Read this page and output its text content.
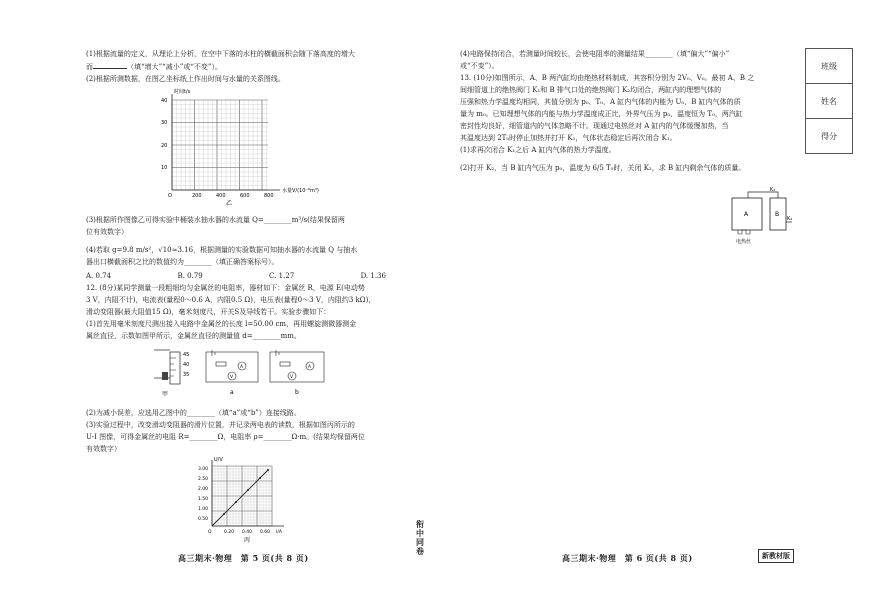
(1)根据流量的定义，从理论上分析，在空中下落的水柱的横截面积会随下落高度的增大

而	（填“增大”“减小”或“不变”）。

(2)根据所测数据，在图乙坐标纸上作出时间与水量的关系图线。

时间t/s
40
30
20
10
O	200	400	600	800
水量V/(10⁻⁶m³)
乙

(3)根据所作图像乙可得实验中桶装水抽水器的水流量 Q=________m³/s(结果保留两

位有效数字）

(4)若取 g=9.8 m/s²，√10≈3.16，根据测量的实验数据可知抽水器的水流量 Q 与抽水

器出口横截面积之比的数值约为________（填正确答案标号）。

A. 0.74	B. 0.79	C. 1.27	D. 1.36

12. (8分)某同学测量一段粗细均匀金属丝的电阻率，器材如下：金属丝 R，电源 E(电动势

3 V，内阻不计)，电流表(量程0～0.6 A，内阻0.5 Ω)，电压表(量程0～3 V，内阻约3 kΩ)，

滑动变阻器(最大阻值15 Ω)，毫米刻度尺，开关S及导线若干。实验步骤如下：

(1)首先用毫米刻度尺测出接入电路中金属丝的长度 l=50.00 cm，再用螺旋测微器测金

属丝直径，示数如图甲所示，金属丝直径的测量值 d=________mm。

45
40
35
甲
A
V
a
A
V
b

(2)为减小误差，应选用乙图中的________（填“a”或“b”）连接线路。

(3)实验过程中，改变滑动变阻器的滑片位置，并记录两电表的读数，根据如图丙所示的

U-I 图像，可得金属丝的电阻 R=________Ω，电阻率 ρ=________Ω·m。(结果均保留两位

有效数字）

U/V
3.00
2.50
2.00
1.50
1.00
0.50
O	0.20 0.40 0.60 I/A
丙
高三期末·物理　第 5 页(共 8 页)
衔
中
同
卷

(4)电路保持闭合，若测量时间较长，会使电阻率的测量结果________（填“偏大”“偏小”

或“不变”）。

13. (10分)如图所示，A、B 两汽缸均由绝热材料制成，其容积分别为 2V₀、V₀。最初 A、B 之

间细管道上的绝热阀门 K₁和 B 排气口处的绝热阀门 K₂均闭合，两缸内的理想气体的

压强和热力学温度均相同，其值分别为 p₀、T₀，A 缸内气体的内能为 U₀，B 缸内气体的质

量为 m₀。已知理想气体的内能与热力学温度成正比，外界气压为 p₀，温度恒为 T₀，两汽缸

密封性均良好，细管道内的气体忽略不计。现通过电热丝对 A 缸内的气体缓慢加热，当

其温度达到 2T₀时停止加热并打开 K₁，气体状态稳定后再次闭合 K₁。

(1)求再次闭合 K₁之后 A 缸内气体的热力学温度。

(2)打开 K₂，当 B 缸内气压为 p₀，温度为 6/5 T₀时，关闭 K₂，求 B 缸内剩余气体的质量。

A	B
K₁
K₂
电热丝
高三期末·物理　第 6 页(共 8 页)	新教材版
班级
姓名
得分
